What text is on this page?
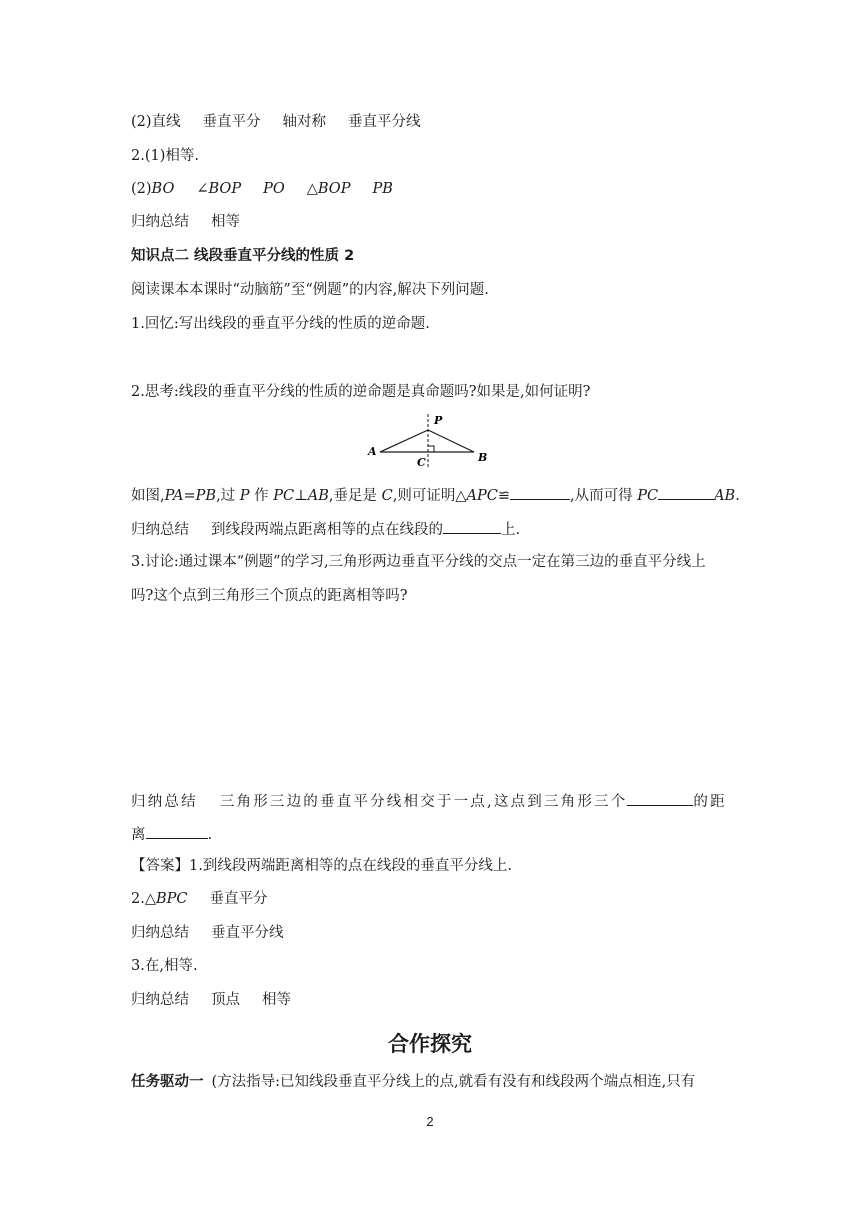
(2)直线 垂直平分 轴对称 垂直平分线
2.(1)相等.
(2)BO ∠BOP PO △BOP PB
归纳总结 相等
知识点二 线段垂直平分线的性质 2
阅读课本本课时“动脑筋”至“例题”的内容,解决下列问题.
1.回忆:写出线段的垂直平分线的性质的逆命题.
2.思考:线段的垂直平分线的性质的逆命题是真命题吗?如果是,如何证明?
P
A	B
C
如图,PA=PB,过 P 作 PC⊥AB,垂足是 C,则可证明△APC≌	,从而可得 PC	AB.
归纳总结 到线段两端点距离相等的点在线段的	上.
3.讨论:通过课本“例题”的学习,三角形两边垂直平分线的交点一定在第三边的垂直平分线上
吗?这个点到三角形三个顶点的距离相等吗?
归纳总结 三角形三边的垂直平分线相交于一点,这点到三角形三个	的距
离	.
【答案】1.到线段两端距离相等的点在线段的垂直平分线上.
2.△BPC 垂直平分
归纳总结 垂直平分线
3.在,相等.
归纳总结 顶点 相等
合作探究
任务驱动一 (方法指导:已知线段垂直平分线上的点,就看有没有和线段两个端点相连,只有
2
